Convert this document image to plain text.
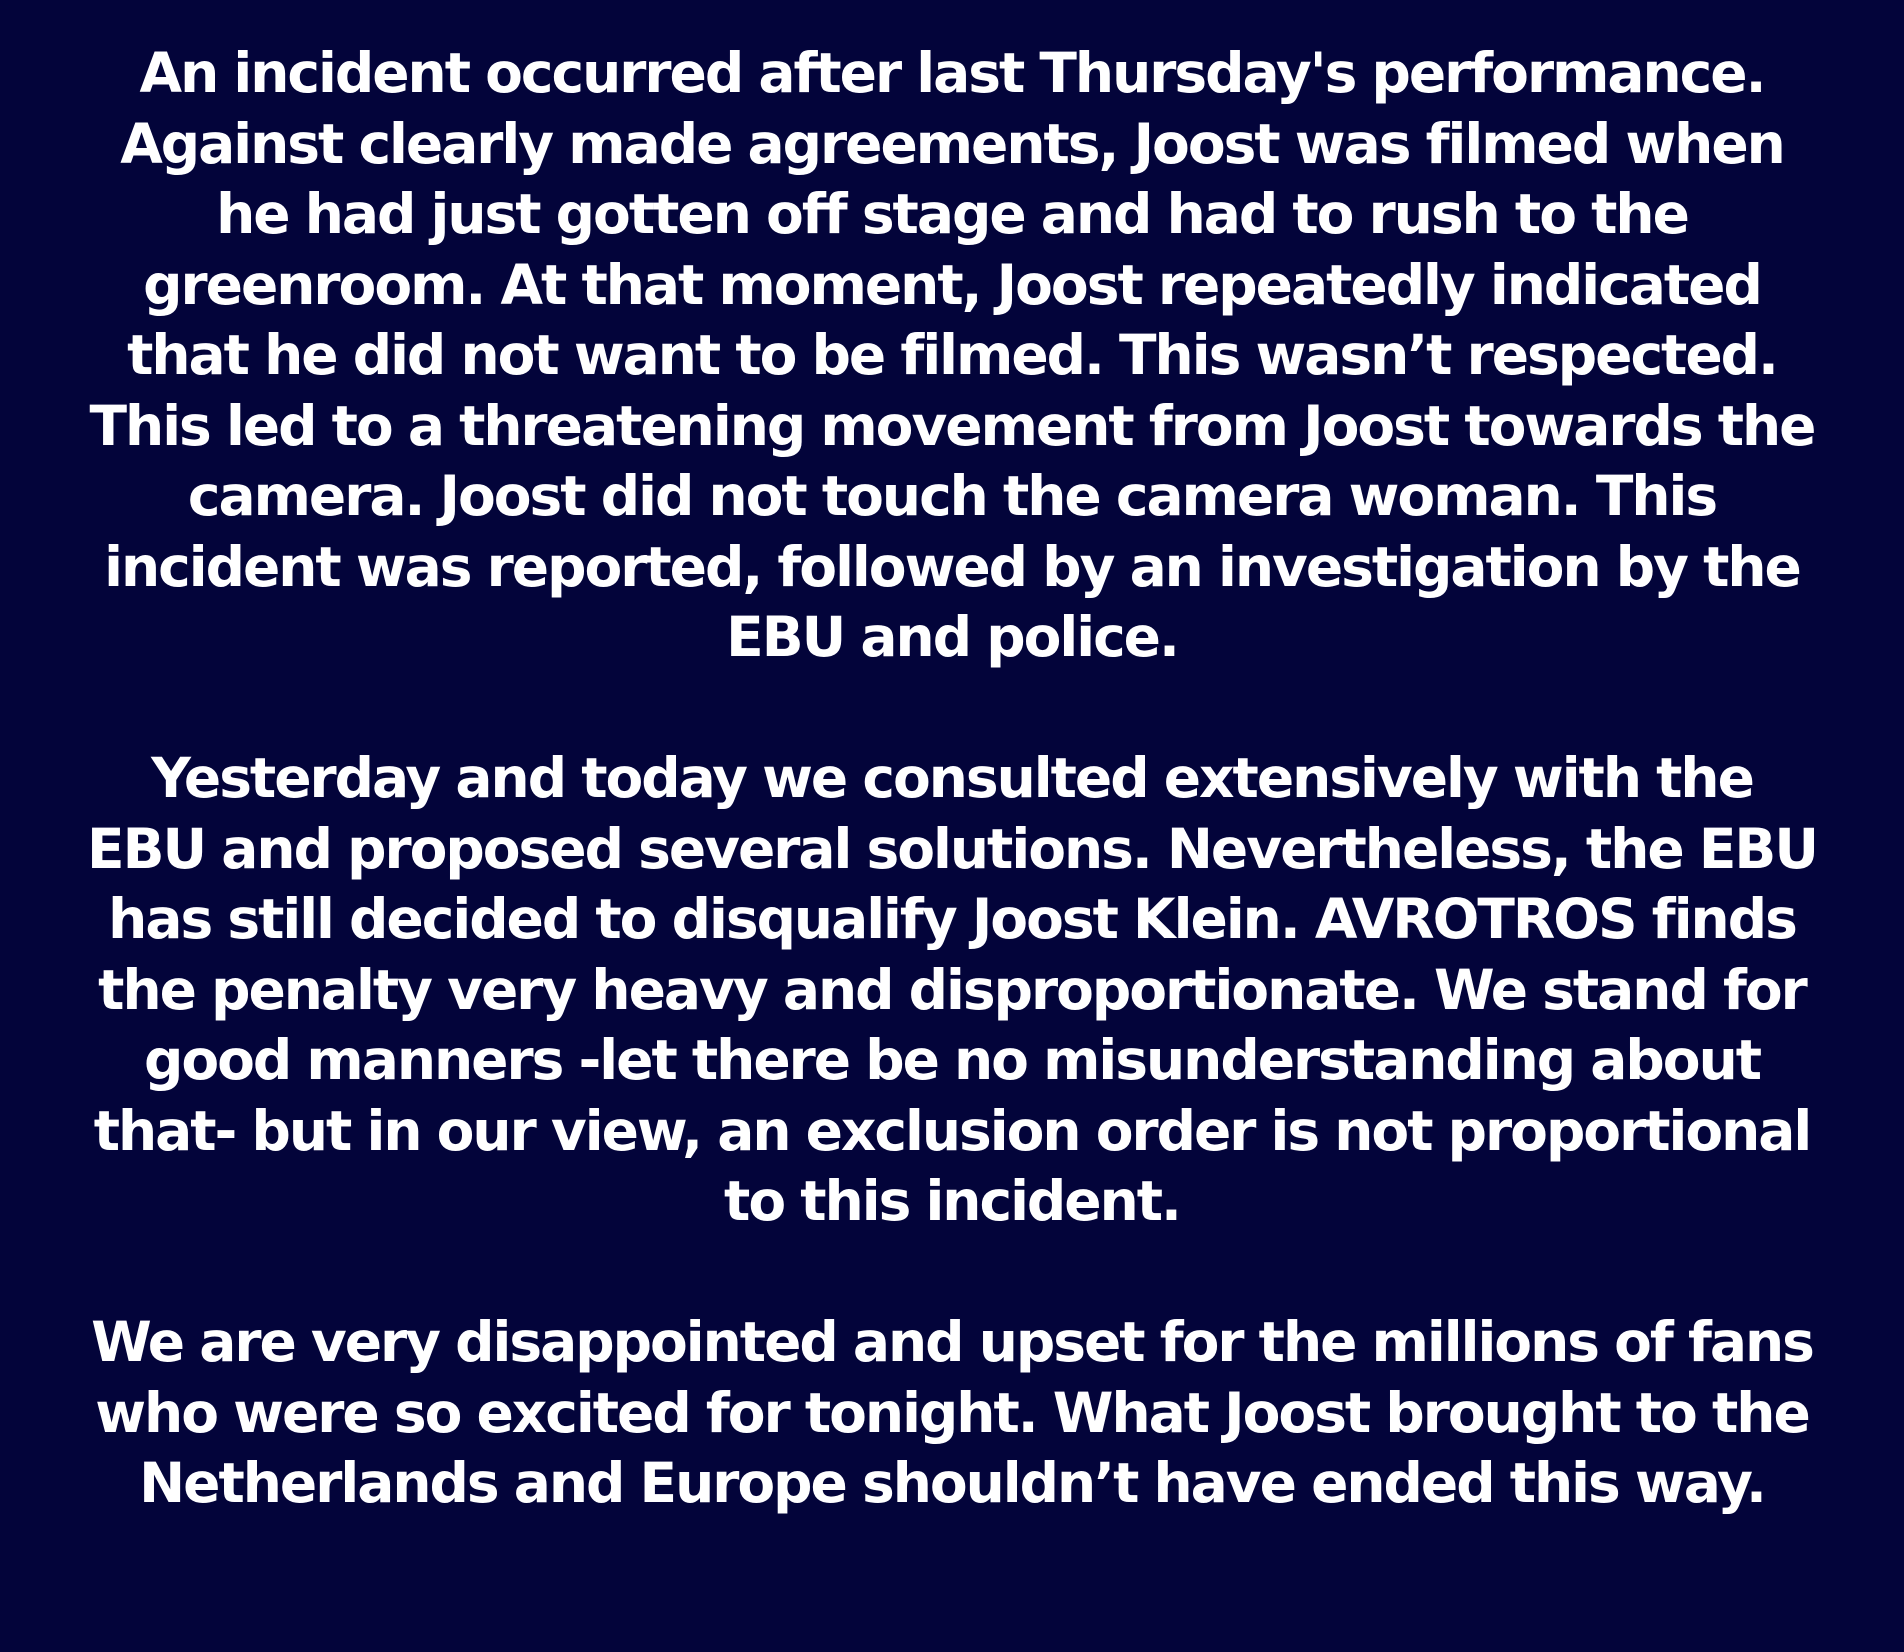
An incident occurred after last Thursday's performance.
Against clearly made agreements, Joost was filmed when
he had just gotten off stage and had to rush to the
greenroom. At that moment, Joost repeatedly indicated
that he did not want to be filmed. This wasn’t respected.
This led to a threatening movement from Joost towards the
camera. Joost did not touch the camera woman. This
incident was reported, followed by an investigation by the
EBU and police.

Yesterday and today we consulted extensively with the
EBU and proposed several solutions. Nevertheless, the EBU
has still decided to disqualify Joost Klein. AVROTROS finds
the penalty very heavy and disproportionate. We stand for
good manners -let there be no misunderstanding about
that- but in our view, an exclusion order is not proportional
to this incident.

We are very disappointed and upset for the millions of fans
who were so excited for tonight. What Joost brought to the
Netherlands and Europe shouldn’t have ended this way.
